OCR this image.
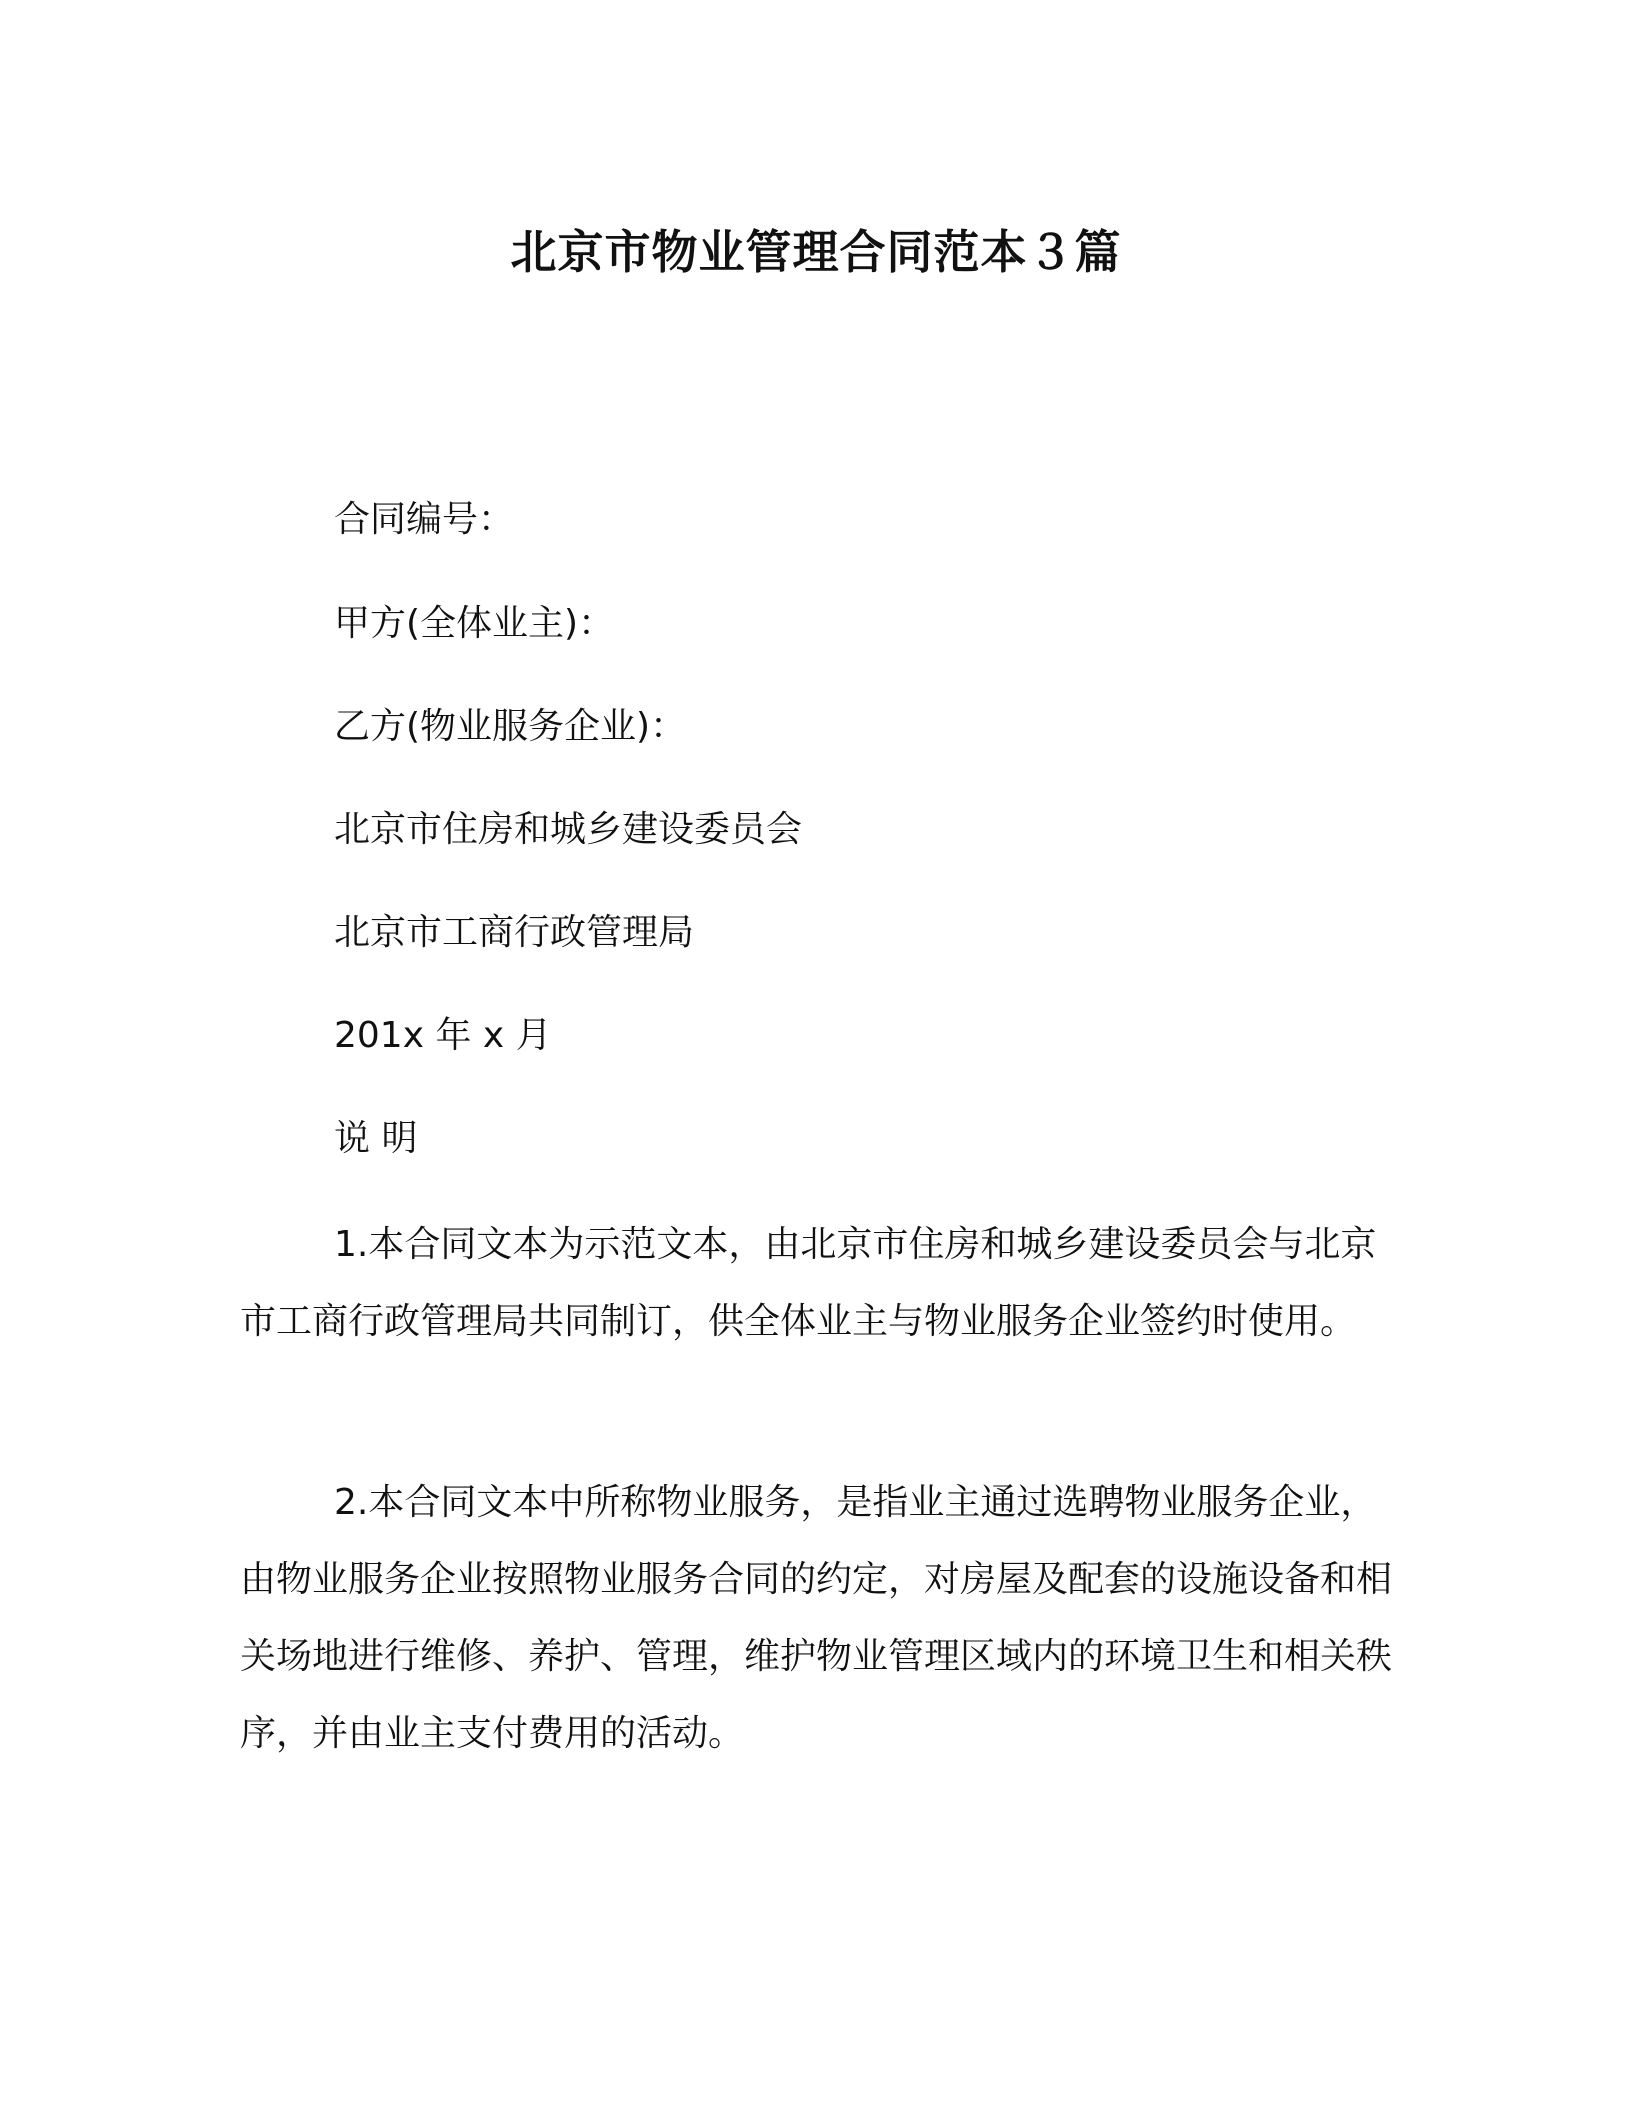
北京市物业管理合同范本３篇
合同编号：
甲方(全体业主)：
乙方(物业服务企业)：
北京市住房和城乡建设委员会
北京市工商行政管理局
201x 年 x 月
说 明

1.本合同文本为示范文本，由北京市住房和城乡建设委员会与北京市工商行政管理局共同制订，供全体业主与物业服务企业签约时使用。

2.本合同文本中所称物业服务，是指业主通过选聘物业服务企业，由物业服务企业按照物业服务合同的约定，对房屋及配套的设施设备和相关场地进行维修、养护、管理，维护物业管理区域内的环境卫生和相关秩序，并由业主支付费用的活动。
